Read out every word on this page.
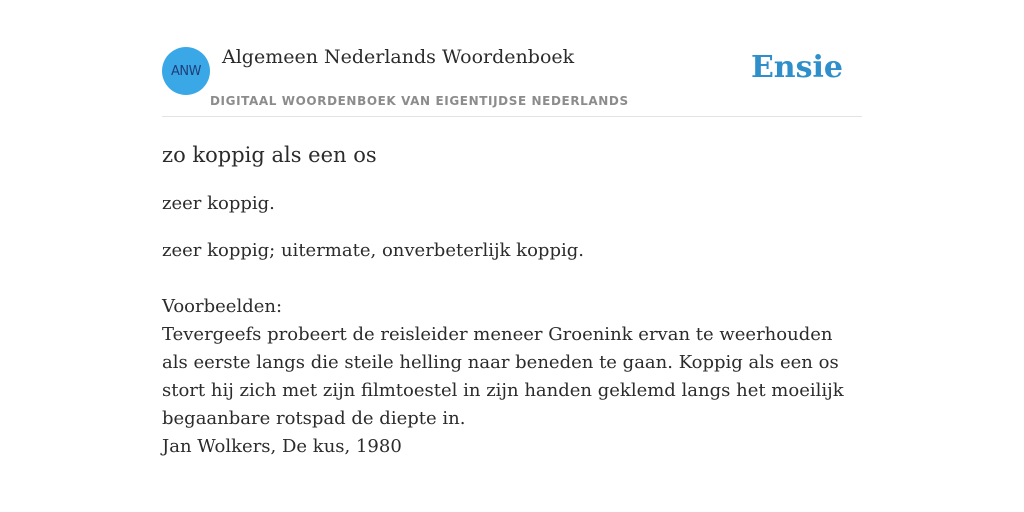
ANW
Algemeen Nederlands Woordenboek
DIGITAAL WOORDENBOEK VAN EIGENTIJDSE NEDERLANDS
Ensie
zo koppig als een os

zeer koppig.

zeer koppig; uitermate, onverbeterlijk koppig.

Voorbeelden:
Tevergeefs probeert de reisleider meneer Groenink ervan te weerhouden als eerste langs die steile helling naar beneden te gaan. Koppig als een os stort hij zich met zijn filmtoestel in zijn handen geklemd langs het moeilijk begaanbare rotspad de diepte in.
Jan Wolkers, De kus, 1980
